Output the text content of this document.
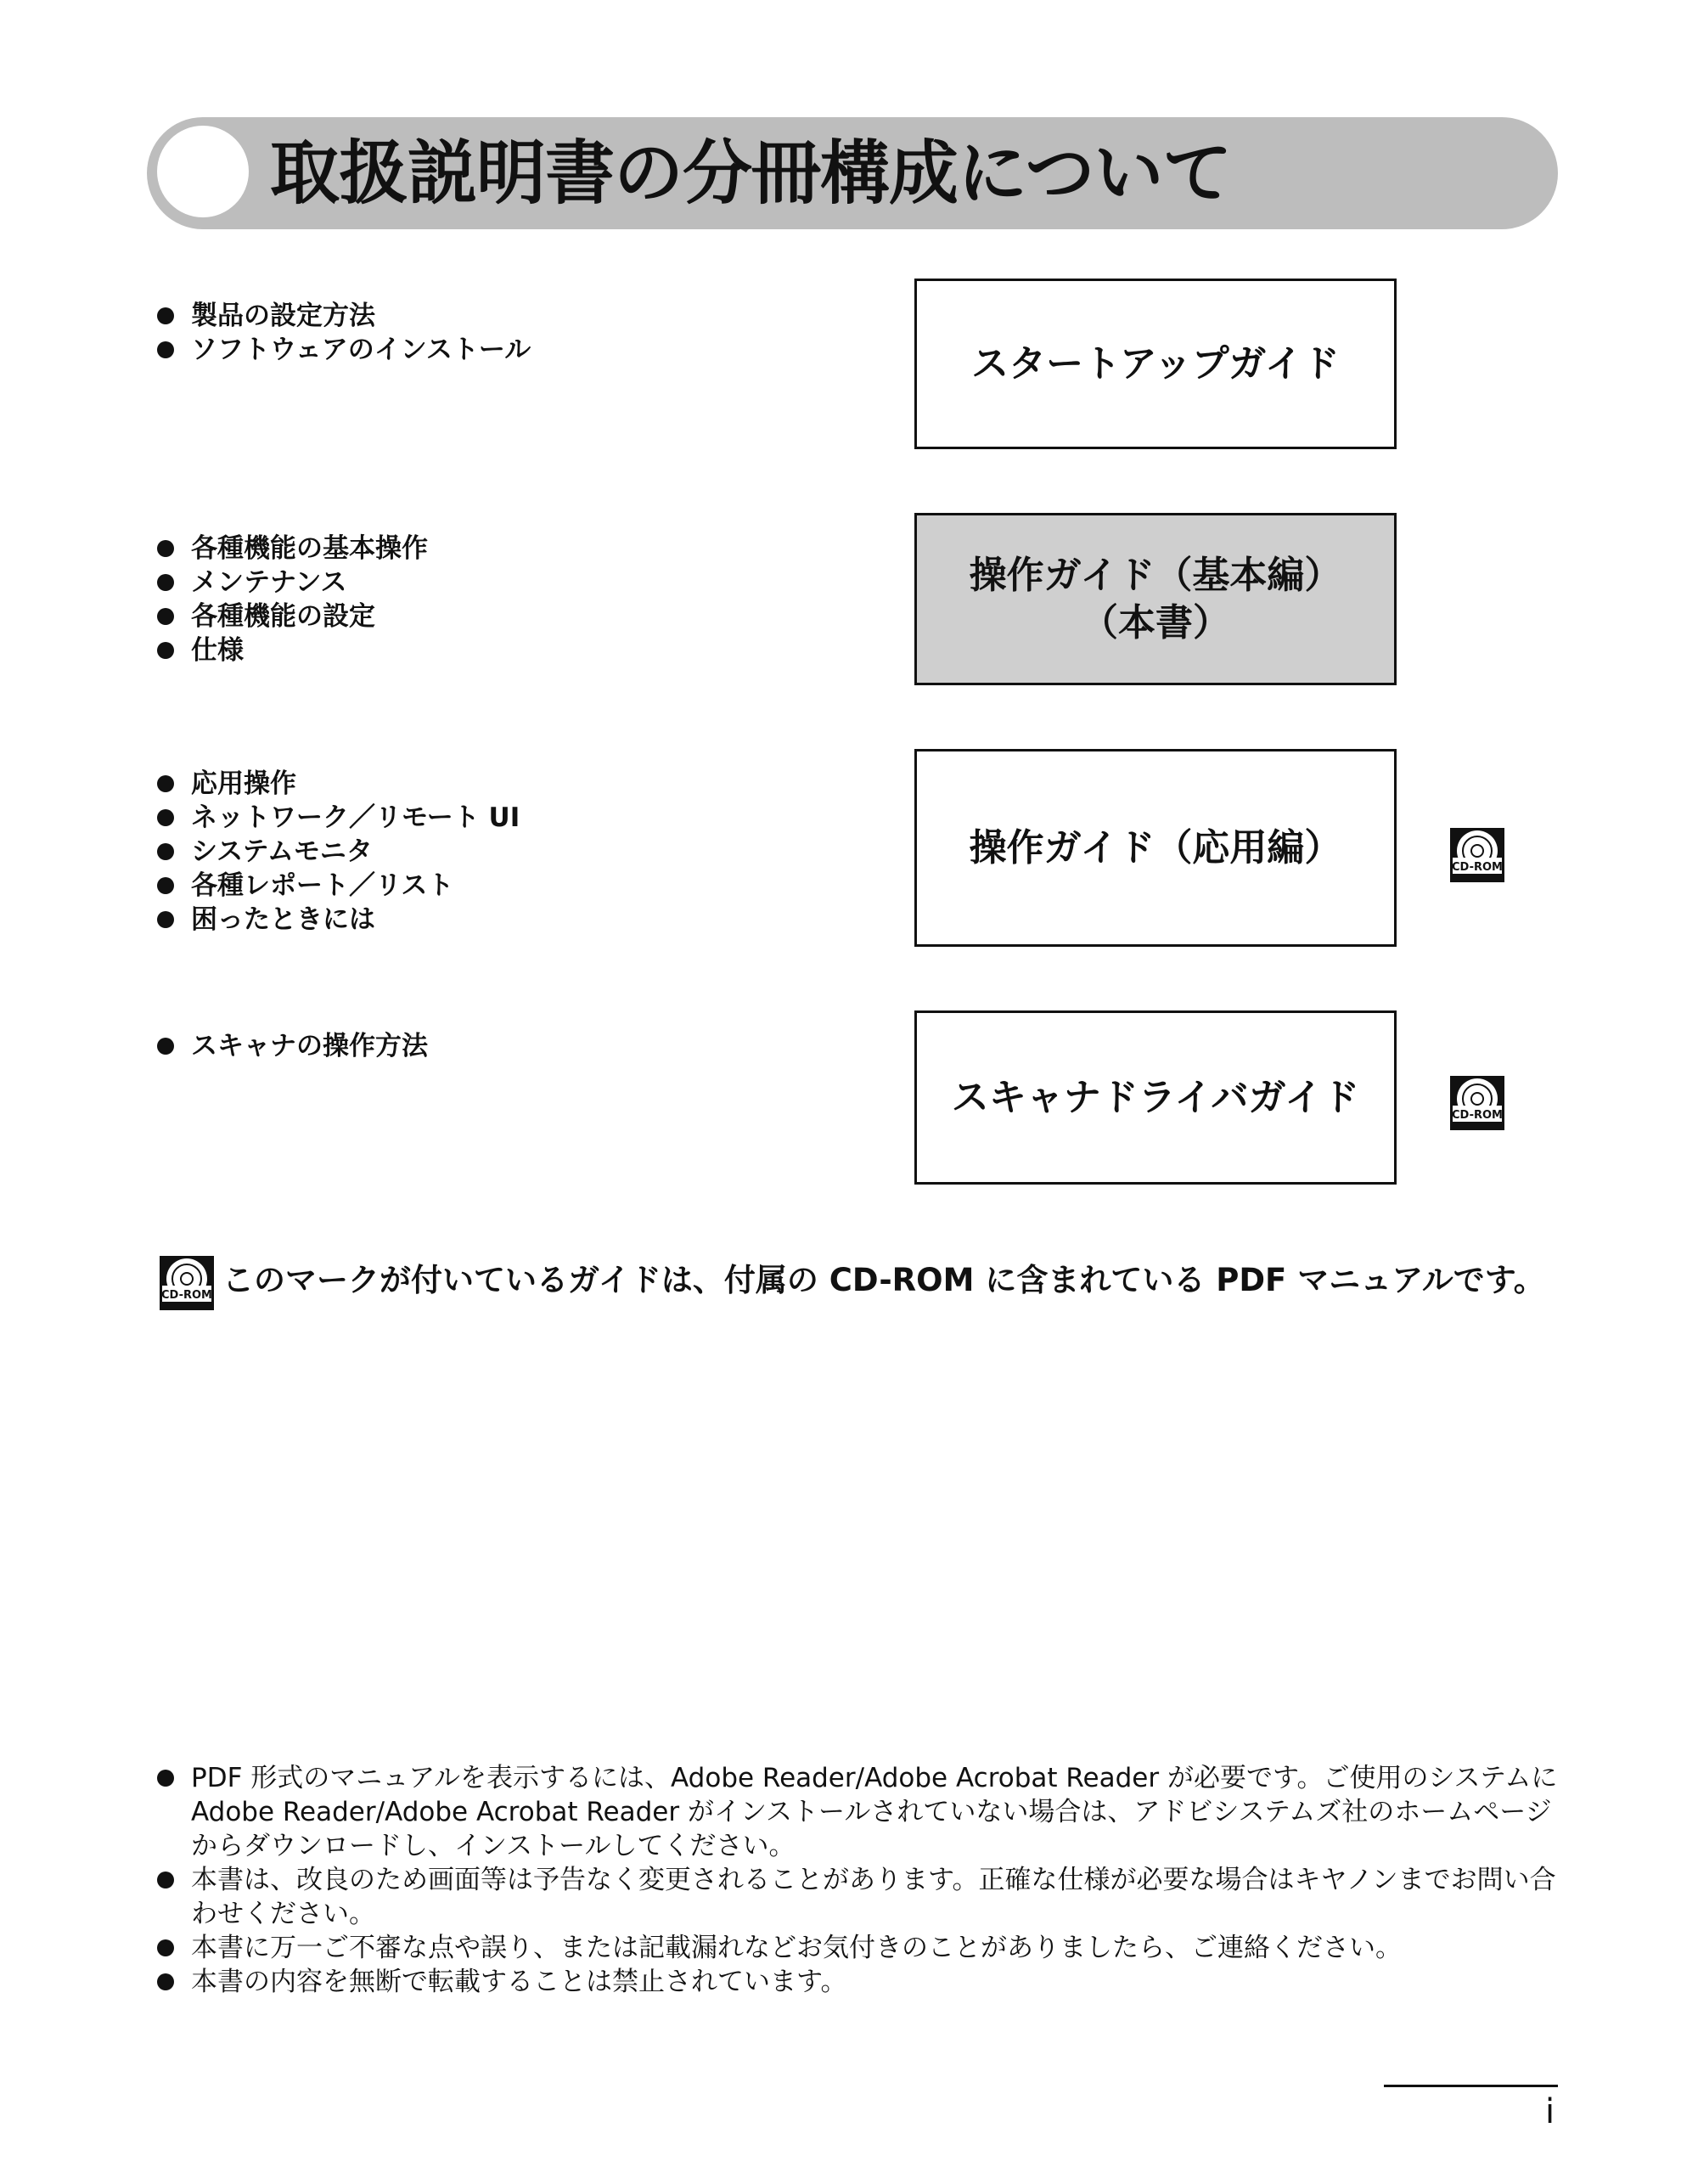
取扱説明書の分冊構成について
製品の設定方法
ソフトウェアのインストール	スタートアップガイド
各種機能の基本操作
メンテナンス
各種機能の設定
仕様
操作ガイド（基本編）
（本書）
応用操作
ネットワーク／リモート UI
システムモニタ
各種レポート／リスト
困ったときには
操作ガイド（応用編）	CD-ROM
スキャナの操作方法
スキャナドライバガイド	CD-ROM
CD-ROM このマークが付いているガイドは、付属の CD-ROM に含まれている PDF マニュアルです。
PDF 形式のマニュアルを表示するには、Adobe Reader/Adobe Acrobat Reader が必要です。ご使用のシステムに Adobe Reader/Adobe Acrobat Reader がインストールされていない場合は、アドビシステムズ社のホームページからダウンロードし、インストールしてください。
本書は、改良のため画面等は予告なく変更されることがあります。正確な仕様が必要な場合はキヤノンまでお問い合わせください。
本書に万一ご不審な点や誤り、または記載漏れなどお気付きのことがありましたら、ご連絡ください。
本書の内容を無断で転載することは禁止されています。
i
